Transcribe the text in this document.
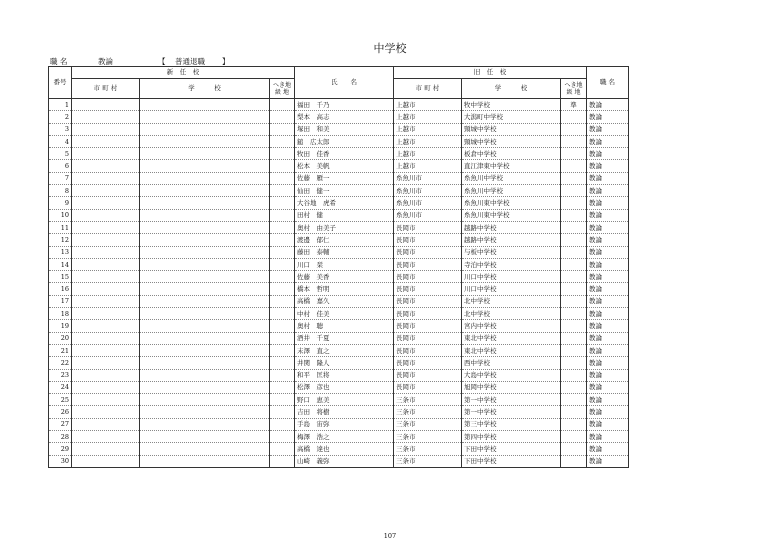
中学校
職 名	教論	【 普通退職 】
番号	新　任　校			氏　　名	旧　任　校			職 名
	市 町 村	学　　　校	へき地 級 地		市 町 村	学　　　校	へき地 級 地	
1				福田　千乃	上越市	牧中学校	準	教論
2				梨本　高志	上越市	大潟町中学校		教論
3				塚田　和美	上越市	頸城中学校		教論
4				鎚　広太郎	上越市	頸城中学校		教論
5				牧田　佳香	上越市	板倉中学校		教論
6				松本　美帆	上越市	直江津東中学校		教論
7				佐藤　雁一	糸魚川市	糸魚川中学校		教論
8				仙田　健一	糸魚川市	糸魚川中学校		教論
9				大谷地　虎希	糸魚川市	糸魚川東中学校		教論
10				田村　健	糸魚川市	糸魚川東中学校		教論
11				奥村　由美子	長岡市	越路中学校		教論
12				渡邊　郁仁	長岡市	越路中学校		教論
13				藤田　泰輔	長岡市	与板中学校		教論
14				川口　栞	長岡市	寺泊中学校		教論
15				佐藤　美香	長岡市	川口中学校		教論
16				橋本　哲明	長岡市	川口中学校		教論
17				高橋　嘉久	長岡市	北中学校		教論
18				中村　佳美	長岡市	北中学校		教論
19				奥村　聴	長岡市	宮内中学校		教論
20				酒井　千夏	長岡市	東北中学校		教論
21				末澤　直之	長岡市	東北中学校		教論
22				井関　隆人	長岡市	西中学校		教論
23				和平　匡将	長岡市	大島中学校		教論
24				松澤　彦也	長岡市	旭岡中学校		教論
25				野口　恵美	三条市	第一中学校		教論
26				吉田　将樹	三条市	第一中学校		教論
27				手島　宙弥	三条市	第三中学校		教論
28				梅澤　浩之	三条市	第四中学校		教論
29				高橋　達也	三条市	下田中学校		教論
30				山崎　義弥	三条市	下田中学校		教論
107
